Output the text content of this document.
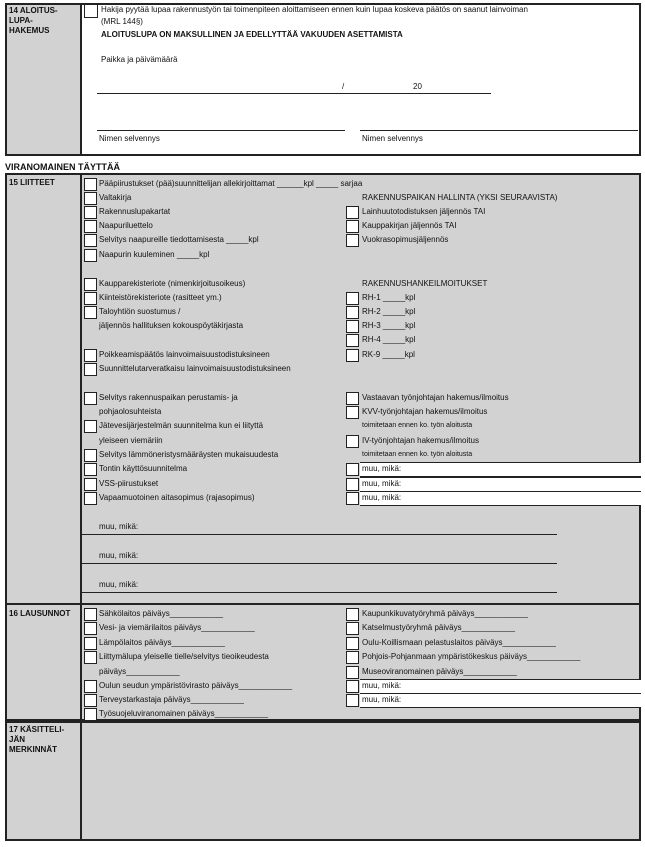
14 ALOITUS-
LUPA-
HAKEMUS
Hakija pyytää lupaa rakennustyön tai toimenpiteen aloittamiseen ennen kuin lupaa koskeva päätös on saanut lainvoiman
(MRL 144§)
ALOITUSLUPA ON MAKSULLINEN JA EDELLYTTÄÄ VAKUUDEN ASETTAMISTA
Paikka ja päivämäärä
/	20
Nimen selvennys	Nimen selvennys
VIRANOMAINEN TÄYTTÄÄ
15 LIITTEET	Pääpiirustukset (pää)suunnittelijan allekirjoittamat ______kpl _____ sarjaa
Valtakirja
Rakennuslupakartat
Naapuriluettelo
Selvitys naapureille tiedottamisesta _____kpl
Naapurin kuuleminen _____kpl
Kaupparekisteriote (nimenkirjoitusoikeus)
Kiinteistörekisteriote (rasitteet ym.)
Taloyhtiön suostumus /
jäljennös hallituksen kokouspöytäkirjasta
Poikkeamispäätös lainvoimaisuustodistuksineen
Suunnittelutarveratkaisu lainvoimaisuustodistuksineen
Selvitys rakennuspaikan perustamis- ja
pohjaolosuhteista
Jätevesijärjestelmän suunnitelma kun ei liityttä
yleiseen viemäriin
Selvitys lämmöneristysmääräysten mukaisuudesta
Tontin käyttösuunnitelma
VSS-piirustukset
Vapaamuotoinen aitasopimus (rajasopimus)
Lainhuutotodistuksen jäljennös TAI
Kauppakirjan jäljennös TAI
Vuokrasopimusjäljennös
RH-1 _____kpl
RH-2 _____kpl
RH-3 _____kpl
RH-4 _____kpl
RK-9 _____kpl
Vastaavan työnjohtajan hakemus/ilmoitus
KVV-työnjohtajan hakemus/ilmoitus
toimitetaan ennen ko. työn aloitusta
IV-työnjohtajan hakemus/ilmoitus
toimitetaan ennen ko. työn aloitusta
muu, mikä:
muu, mikä:
muu, mikä:
RAKENNUSPAIKAN HALLINTA (YKSI SEURAAVISTA)
RAKENNUSHANKEILMOITUKSET
muu, mikä:
muu, mikä:
muu, mikä:
16 LAUSUNNOT	Sähkölaitos päiväys____________
Vesi- ja viemärilaitos päiväys____________
Lämpölaitos päiväys____________
Liittymälupa yleiselle tielle/selvitys tieoikeudesta
päiväys____________
Oulun seudun ympäristövirasto päiväys____________
Terveystarkastaja päiväys____________
Työsuojeluviranomainen päiväys____________
Kaupunkikuvatyöryhmä päiväys____________
Katselmustyöryhmä päiväys____________
Oulu-Koillismaan pelastuslaitos päiväys____________
Pohjois-Pohjanmaan ympäristökeskus päiväys____________
Museoviranomainen päiväys____________
muu, mikä:
muu, mikä:
17 KÄSITTELI-
JÄN
MERKINNÄT
